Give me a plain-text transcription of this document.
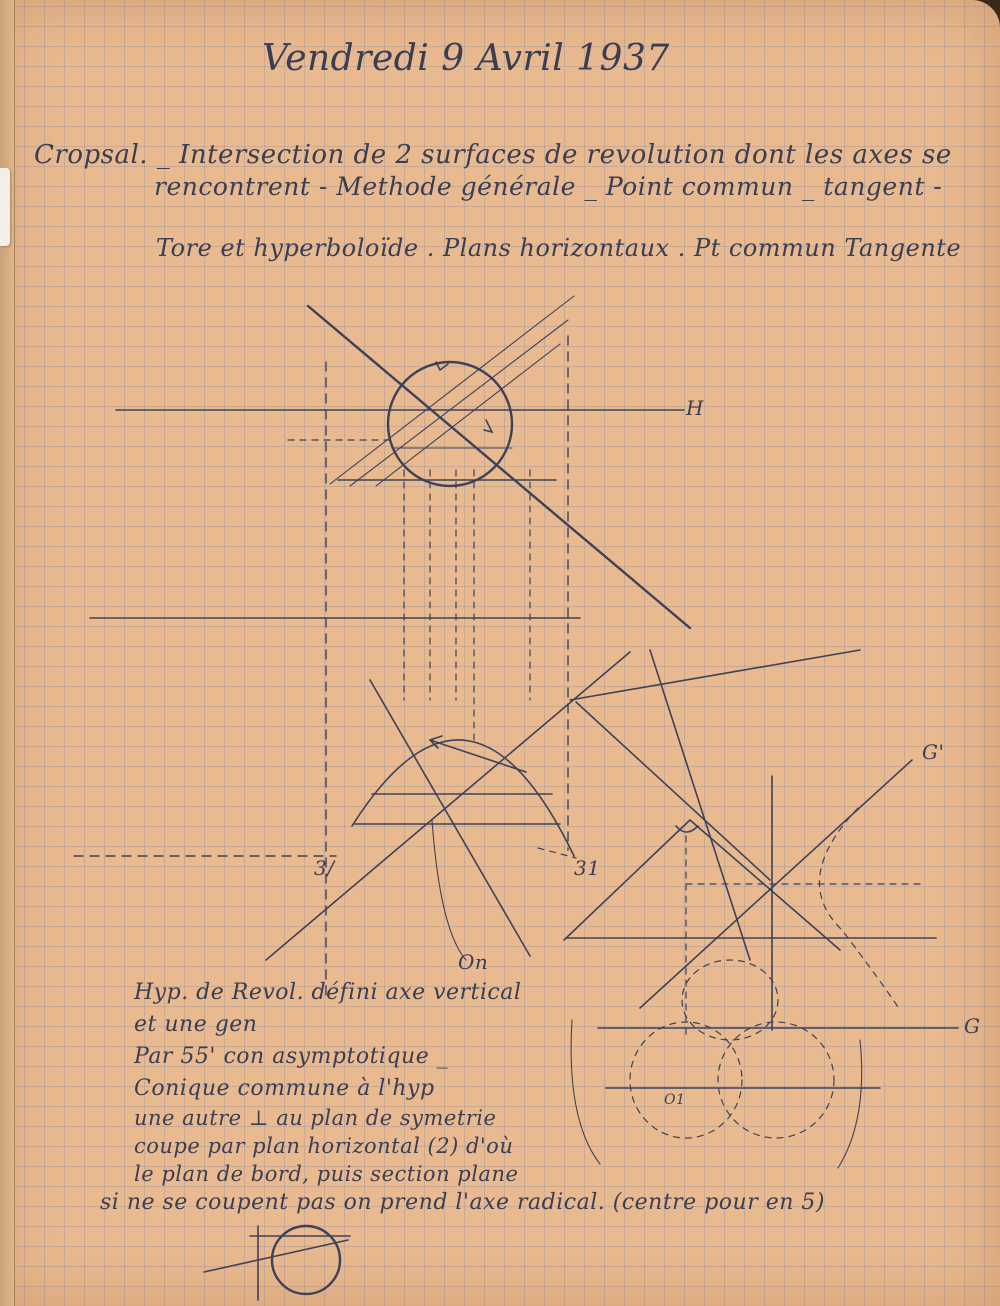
Vendredi 9 Avril 1937
Cropsal. _ Intersection de 2 surfaces de revolution dont les axes se
rencontrent - Methode générale _ Point commun _ tangent -
Tore et hyperboloïde . Plans horizontaux . Pt commun Tangente
H
G'
G
3/	31
On
O1
Hyp. de Revol. défini axe vertical
et une gen
Par 55' con asymptotique _
Conique commune à l'hyp
une autre ⊥ au plan de symetrie
coupe par plan horizontal (2) d'où
le plan de bord, puis section plane
si ne se coupent pas on prend l'axe radical. (centre pour en 5)
